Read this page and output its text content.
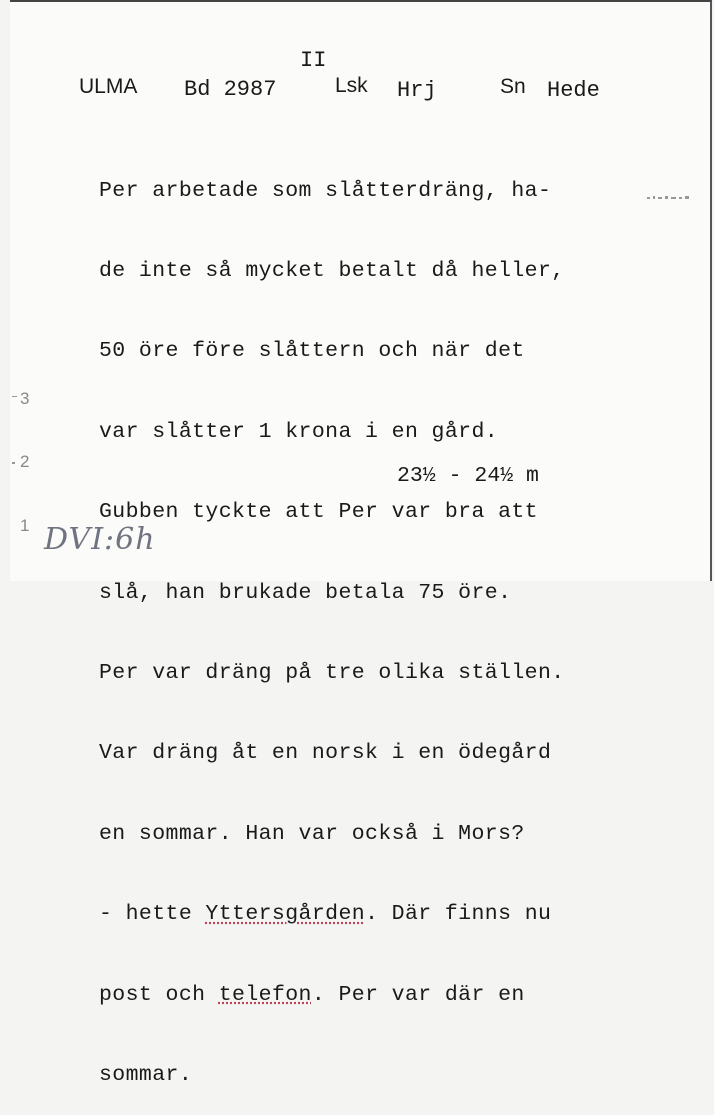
II
ULMA Bd 2987	Lsk Hrj	Sn Hede

Per arbetade som slåtterdräng, ha-

de inte så mycket betalt då heller,

50 öre före slåttern och när det

var slåtter 1 krona i en gård.

Gubben tyckte att Per var bra att

slå, han brukade betala 75 öre.

Per var dräng på tre olika ställen.

Var dräng åt en norsk i en ödegård

en sommar. Han var också i Mors?

- hette Yttersgården. Där finns nu

post och telefon. Per var där en

sommar.

23½ - 24½ m
3
2
1 DVI:6h
